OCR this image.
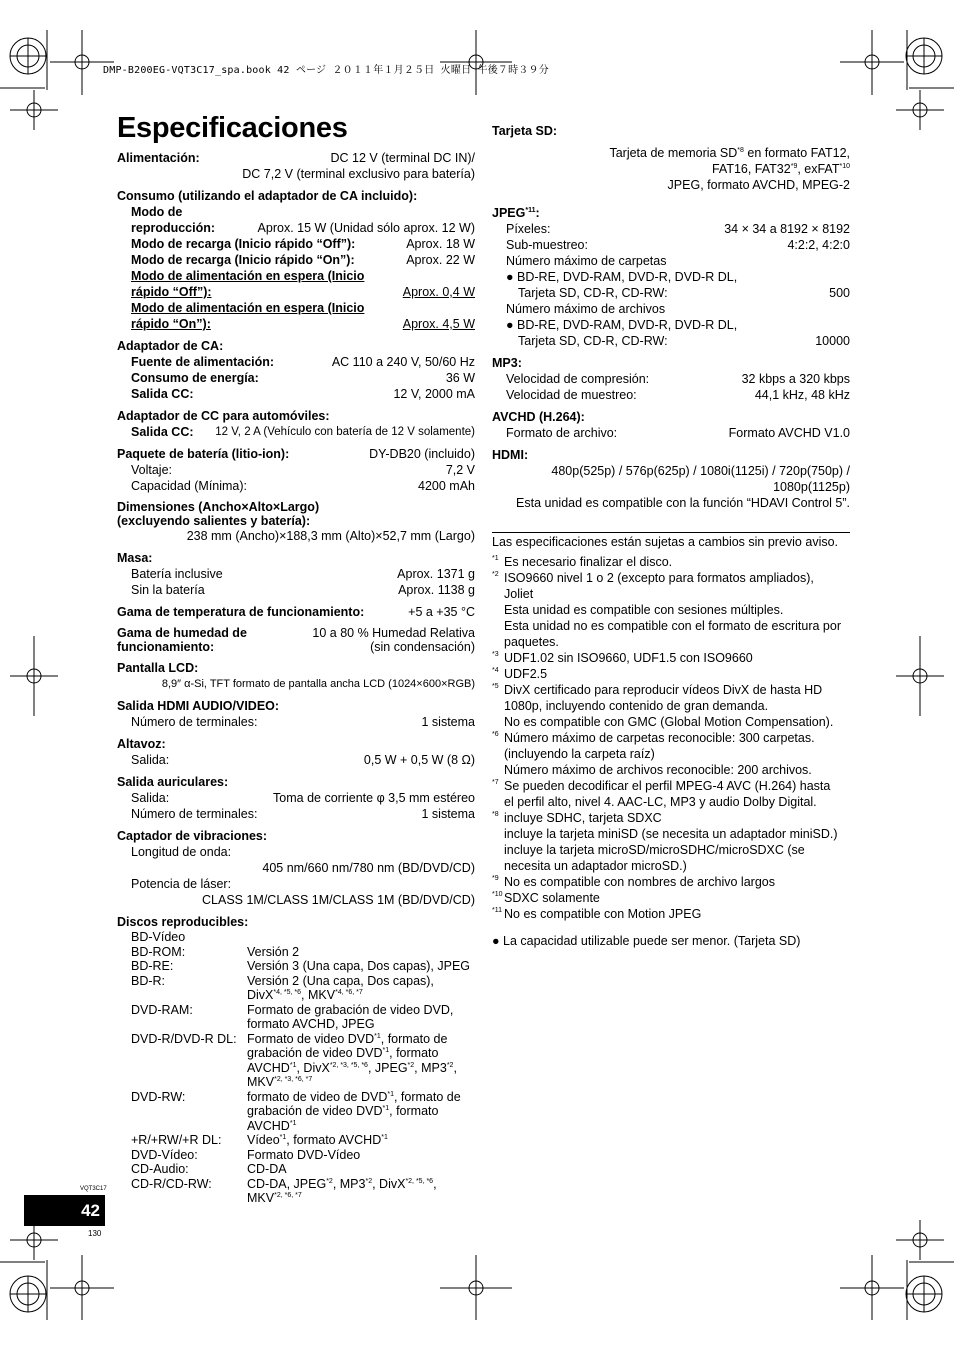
DMP-B200EG-VQT3C17_spa.book 42 ページ ２０１１年１月２５日 火曜日 午後７時３９分
Especificaciones
Alimentación:	DC 12 V (terminal DC IN)/
DC 7,2 V (terminal exclusivo para batería)
Consumo (utilizando el adaptador de CA incluido):
Modo de
reproducción:	Aprox. 15 W (Unidad sólo aprox. 12 W)
Modo de recarga (Inicio rápido “Off”):	Aprox. 18 W
Modo de recarga (Inicio rápido “On”):	Aprox. 22 W
Modo de alimentación en espera (Inicio
rápido “Off”):	Aprox. 0,4 W
Modo de alimentación en espera (Inicio
rápido “On”):	Aprox. 4,5 W
Adaptador de CA:
Fuente de alimentación:	AC 110 a 240 V, 50/60 Hz
Consumo de energía:	36 W
Salida CC:	12 V, 2000 mA
Adaptador de CC para automóviles:
Salida CC: 12 V, 2 A (Vehículo con batería de 12 V solamente)
Paquete de batería (litio-ion):	DY-DB20 (incluido)
Voltaje:	7,2 V
Capacidad (Mínima):	4200 mAh
Dimensiones (Ancho×Alto×Largo)
(excluyendo salientes y batería):
238 mm (Ancho)×188,3 mm (Alto)×52,7 mm (Largo)
Masa:
Batería inclusive	Aprox. 1371 g
Sin la batería	Aprox. 1138 g
Gama de temperatura de funcionamiento:	+5 a +35 °C
Gama de humedad de	10 a 80 % Humedad Relativa
funcionamiento:	(sin condensación)
Pantalla LCD:
8,9″ α-Si, TFT formato de pantalla ancha LCD (1024×600×RGB)
Salida HDMI AUDIO/VIDEO:
Número de terminales:	1 sistema
Altavoz:
Salida:	0,5 W + 0,5 W (8 Ω)
Salida auriculares:
Salida:	Toma de corriente φ 3,5 mm estéreo
Número de terminales:	1 sistema
Captador de vibraciones:
Longitud de onda:
405 nm/660 nm/780 nm (BD/DVD/CD)
Potencia de láser:
CLASS 1M/CLASS 1M/CLASS 1M (BD/DVD/CD)
Discos reproducibles:
BD-Vídeo
BD-ROM:	Versión 2
BD-RE:	Versión 3 (Una capa, Dos capas), JPEG
BD-R:	Versión 2 (Una capa, Dos capas),
DivX$^{*4, *5, *6}$, $MKV^{*4, *6, *7}$
DVD-RAM:	Formato de grabación de video DVD,
formato AVCHD, JPEG
DVD-R/DVD-R DL: Formato de video DVD$^{*1}$, formato de
grabación de video DVD$^{*1}$, formato
AVCHD$^{*1}$, DivX$^{*2, *3, *5, *6}$, JPEG$^{*2}$, MP3$^{*2}$,
$MKV^{*2, *3, *6, *7}$
DVD-RW:	formato de video de DVD$^{*1}$, formato de
grabación de video DVD$^{*1}$, formato
$AVCHD^{*1}$
+R/+RW/+R DL: Vídeo$^{*1}$, formato AVCHD$^{*1}$
DVD-Vídeo:	Formato DVD-Vídeo
CD-Audio:	CD-DA
CD-R/CD-RW:	CD-DA, JPEG$^{*2}$, MP3$^{*2}$, DivX$^{*2, *5, *6}$,
$MKV^{*2, *6, *7}$
Tarjeta SD:
Tarjeta de memoria SD$^{*8}$ en formato FAT12,
FAT16, FAT32$^{*9}$, exFAT$^{*10}$
JPEG, formato AVCHD, MPEG-2
JPEG$^{*11}$:
Píxeles:	34 × 34 a 8192 × 8192
Sub-muestreo:	4:2:2, 4:2:0
Número máximo de carpetas
● BD-RE, DVD-RAM, DVD-R, DVD-R DL,
Tarjeta SD, CD-R, CD-RW:	500
Número máximo de archivos
● BD-RE, DVD-RAM, DVD-R, DVD-R DL,
Tarjeta SD, CD-R, CD-RW:	10000
MP3:
Velocidad de compresión:	32 kbps a 320 kbps
Velocidad de muestreo:	44,1 kHz, 48 kHz
AVCHD (H.264):
Formato de archivo:	Formato AVCHD V1.0
HDMI:
480p(525p) / 576p(625p) / 1080i(1125i) / 720p(750p) /
1080p(1125p)
Esta unidad es compatible con la función “HDAVI Control 5”.
Las especificaciones están sujetas a cambios sin previo aviso.
*1 Es necesario finalizar el disco.
*2 ISO9660 nivel 1 o 2 (excepto para formatos ampliados),
Joliet
Esta unidad es compatible con sesiones múltiples.
Esta unidad no es compatible con el formato de escritura por
paquetes.
*3 UDF1.02 sin ISO9660, UDF1.5 con ISO9660
*4 UDF2.5
*5 DivX certificado para reproducir vídeos DivX de hasta HD
1080p, incluyendo contenido de gran demanda.
No es compatible con GMC (Global Motion Compensation).
*6 Número máximo de carpetas reconocible: 300 carpetas.
(incluyendo la carpeta raíz)
Número máximo de archivos reconocible: 200 archivos.
*7 Se pueden decodificar el perfil MPEG-4 AVC (H.264) hasta
el perfil alto, nivel 4. AAC-LC, MP3 y audio Dolby Digital.
*8 incluye SDHC, tarjeta SDXC
incluye la tarjeta miniSD (se necesita un adaptador miniSD.)
incluye la tarjeta microSD/microSDHC/microSDXC (se
necesita un adaptador microSD.)
*9 No es compatible con nombres de archivo largos
*10 SDXC solamente
*11 No es compatible con Motion JPEG
● La capacidad utilizable puede ser menor. (Tarjeta SD)
VQT3C17
42
130
